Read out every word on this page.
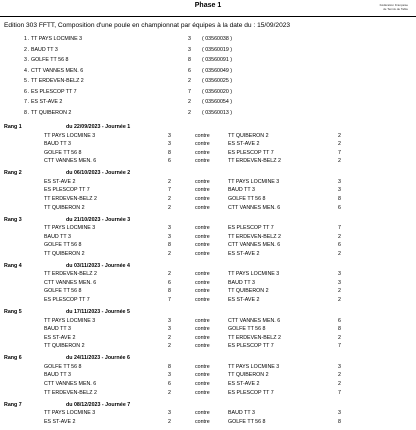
Phase 1	Fédération Française
de Tennis de Table
Edition 303 FFTT, Composition d'une poule en championnat par équipes à la date du : 15/09/2023
1 . TT PAYS LOCMINE 3	3 ( 03560038 )
2 . BAUD TT 3	3 ( 03560019 )
3 . GOLFE TT 56 8	8 ( 03560091 )
4 . CTT VANNES MEN. 6	6 ( 03560049 )
5 . TT ERDEVEN-BELZ 2	2 ( 03560025 )
6 . ES PLESCOP TT 7	7 ( 03560020 )
7 . ES ST-AVE 2	2 ( 03560054 )
8 . TT QUIBERON 2	2 ( 03560013 )
Rang 1	du 22/09/2023 - Journée 1
TT PAYS LOCMINE 3	3	contre	TT QUIBERON 2	2
BAUD TT 3	3	contre	ES ST-AVE 2	2
GOLFE TT 56 8	8	contre	ES PLESCOP TT 7	7
CTT VANNES MEN. 6	6	contre	TT ERDEVEN-BELZ 2	2
Rang 2	du 06/10/2023 - Journée 2
ES ST-AVE 2	2	contre	TT PAYS LOCMINE 3	3
ES PLESCOP TT 7	7	contre	BAUD TT 3	3
TT ERDEVEN-BELZ 2	2	contre	GOLFE TT 56 8	8
TT QUIBERON 2	2	contre	CTT VANNES MEN. 6	6
Rang 3	du 21/10/2023 - Journée 3
TT PAYS LOCMINE 3	3	contre	ES PLESCOP TT 7	7
BAUD TT 3	3	contre	TT ERDEVEN-BELZ 2	2
GOLFE TT 56 8	8	contre	CTT VANNES MEN. 6	6
TT QUIBERON 2	2	contre	ES ST-AVE 2	2
Rang 4	du 03/11/2023 - Journée 4
TT ERDEVEN-BELZ 2	2	contre	TT PAYS LOCMINE 3	3
CTT VANNES MEN. 6	6	contre	BAUD TT 3	3
GOLFE TT 56 8	8	contre	TT QUIBERON 2	2
ES PLESCOP TT 7	7	contre	ES ST-AVE 2	2
Rang 5	du 17/11/2023 - Journée 5
TT PAYS LOCMINE 3	3	contre	CTT VANNES MEN. 6	6
BAUD TT 3	3	contre	GOLFE TT 56 8	8
ES ST-AVE 2	2	contre	TT ERDEVEN-BELZ 2	2
TT QUIBERON 2	2	contre	ES PLESCOP TT 7	7
Rang 6	du 24/11/2023 - Journée 6
GOLFE TT 56 8	8	contre	TT PAYS LOCMINE 3	3
BAUD TT 3	3	contre	TT QUIBERON 2	2
CTT VANNES MEN. 6	6	contre	ES ST-AVE 2	2
TT ERDEVEN-BELZ 2	2	contre	ES PLESCOP TT 7	7
Rang 7	du 08/12/2023 - Journée 7
TT PAYS LOCMINE 3	3	contre	BAUD TT 3	3
ES ST-AVE 2	2	contre	GOLFE TT 56 8	8
